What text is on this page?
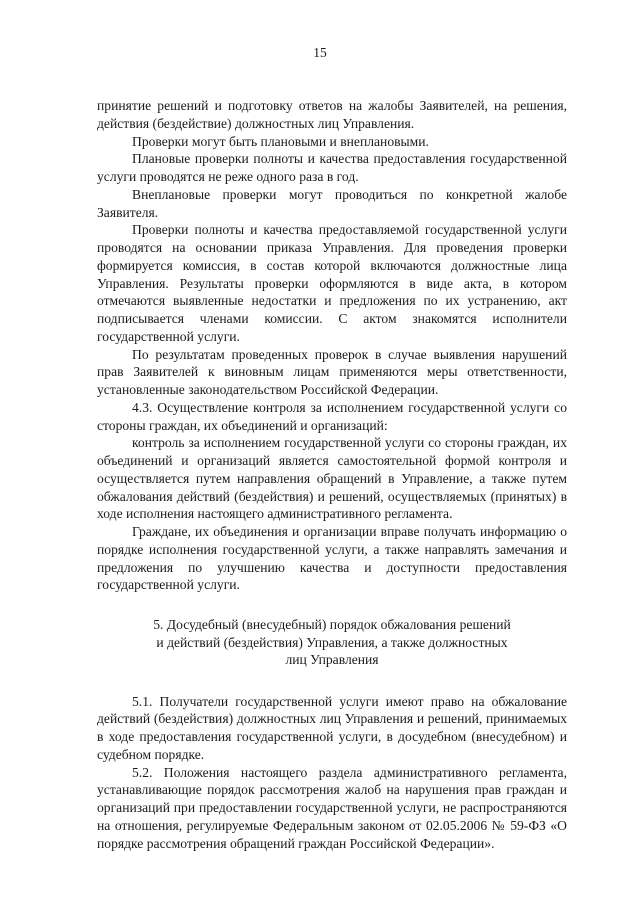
15

принятие решений и подготовку ответов на жалобы Заявителей, на решения, действия (бездействие) должностных лиц Управления.

Проверки могут быть плановыми и внеплановыми.

Плановые проверки полноты и качества предоставления государственной услуги проводятся не реже одного раза в год.

Внеплановые проверки могут проводиться по конкретной жалобе Заявителя.

Проверки полноты и качества предоставляемой государственной услуги проводятся на основании приказа Управления. Для проведения проверки формируется комиссия, в состав которой включаются должностные лица Управления. Результаты проверки оформляются в виде акта, в котором отмечаются выявленные недостатки и предложения по их устранению, акт подписывается членами комиссии. С актом знакомятся исполнители государственной услуги.

По результатам проведенных проверок в случае выявления нарушений прав Заявителей к виновным лицам применяются меры ответственности, установленные законодательством Российской Федерации.

4.3. Осуществление контроля за исполнением государственной услуги со стороны граждан, их объединений и организаций:

контроль за исполнением государственной услуги со стороны граждан, их объединений и организаций является самостоятельной формой контроля и осуществляется путем направления обращений в Управление, а также путем обжалования действий (бездействия) и решений, осуществляемых (принятых) в ходе исполнения настоящего административного регламента.

Граждане, их объединения и организации вправе получать информацию о порядке исполнения государственной услуги, а также направлять замечания и предложения по улучшению качества и доступности предоставления государственной услуги.

5. Досудебный (внесудебный) порядок обжалования решений
и действий (бездействия) Управления, а также должностных
лиц Управления

5.1. Получатели государственной услуги имеют право на обжалование действий (бездействия) должностных лиц Управления и решений, принимаемых в ходе предоставления государственной услуги, в досудебном (внесудебном) и судебном порядке.

5.2. Положения настоящего раздела административного регламента, устанавливающие порядок рассмотрения жалоб на нарушения прав граждан и организаций при предоставлении государственной услуги, не распространяются на отношения, регулируемые Федеральным законом от 02.05.2006 № 59-ФЗ «О порядке рассмотрения обращений граждан Российской Федерации».
